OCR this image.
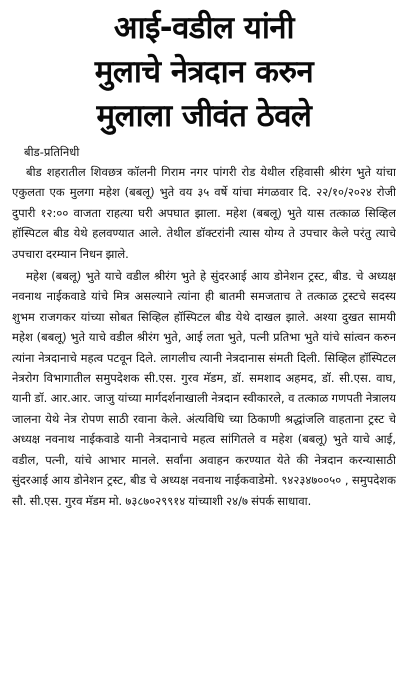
आई-वडील यांनी
मुलाचे नेत्रदान करुन
मुलाला जीवंत ठेवले
बीड-प्रतिनिधी

बीड शहरातील शिवछत्र कॉलनी गिराम नगर पांगरी रोड येथील रहिवासी श्रीरंग भुते यांचा एकुलता एक मुलगा महेश (बबलू) भुते वय ३५ वर्षे यांचा मंगळवार दि. २२/१०/२०२४ रोजी दुपारी १२:०० वाजता राहत्या घरी अपघात झाला. महेश (बबलू) भुते यास तत्काळ सिव्हिल हॉस्पिटल बीड येथे हलवण्यात आले. तेथील डॉक्टरांनी त्यास योग्य ते उपचार केले परंतु त्याचे उपचारा दरम्यान निधन झाले.

महेश (बबलू) भुते याचे वडील श्रीरंग भुते हे सुंदरआई आय डोनेशन ट्रस्ट, बीड. चे अध्यक्ष नवनाथ नाईकवाडे यांचे मित्र असल्याने त्यांना ही बातमी समजताच ते तत्काळ ट्रस्टचे सदस्य शुभम राजगकर यांच्या सोबत सिव्हिल हॉस्पिटल बीड येथे दाखल झाले. अश्या दुखत सामयी महेश (बबलू) भुते याचे वडील श्रीरंग भुते, आई लता भुते, पत्नी प्रतिभा भुते यांचे सांत्वन करुन त्यांना नेत्रदानाचे महत्व पटवून दिले. लागलीच त्यानी नेत्रदानास संमती दिली. सिव्हिल हॉस्पिटल नेत्ररोग विभागातील समुपदेशक सी.एस. गुरव मॅडम, डॉ. समशाद अहमद, डॉ. सी.एस. वाघ, यानी डॉ. आर.आर. जाजु यांच्या मार्गदर्शनाखाली नेत्रदान स्वीकारले, व तत्काळ गणपती नेत्रालय जालना येथे नेत्र रोपण साठी रवाना केले. अंत्यविधि च्या ठिकाणी श्रद्धांजलि वाहताना ट्रस्ट चे अध्यक्ष नवनाथ नाईकवाडे यानी नेत्रदानाचे महत्व सांगितले व महेश (बबलू) भुते याचे आई, वडील, पत्नी, यांचे आभार मानले. सर्वांना अवाहन करण्यात येते की नेत्रदान करन्यासाठी सुंदरआई आय डोनेशन ट्रस्ट, बीड चे अध्यक्ष नवनाथ नाईकवाडेमो. ९४२३४७००५० , समुपदेशक सौ. सी.एस. गुरव मॅडम मो. ७३८७०२९९१४ यांच्याशी २४/७ संपर्क साधावा.
